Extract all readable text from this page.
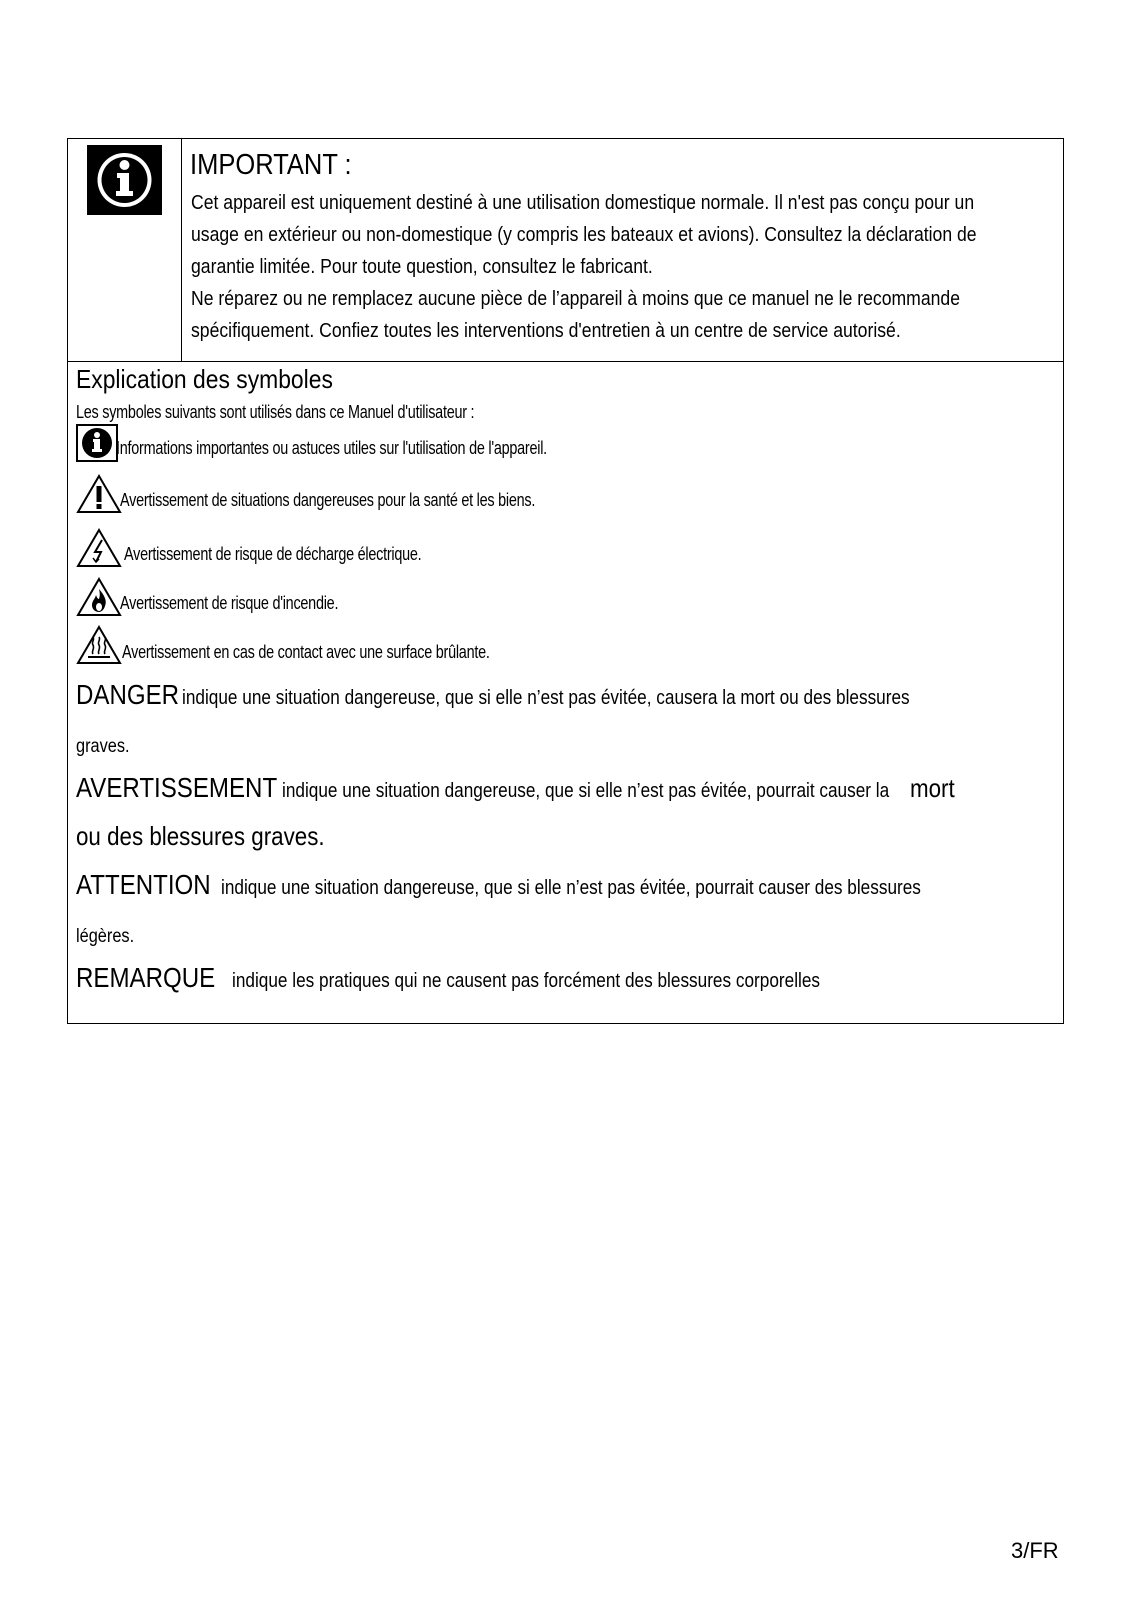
IMPORTANT :
Cet appareil est uniquement destiné à une utilisation domestique normale. Il n'est pas conçu pour un
usage en extérieur ou non-domestique (y compris les bateaux et avions). Consultez la déclaration de
garantie limitée. Pour toute question, consultez le fabricant.
Ne réparez ou ne remplacez aucune pièce de l’appareil à moins que ce manuel ne le recommande
spécifiquement. Confiez toutes les interventions d'entretien à un centre de service autorisé.
Explication des symboles
Les symboles suivants sont utilisés dans ce Manuel d'utilisateur :
Informations importantes ou astuces utiles sur l'utilisation de l'appareil.
Avertissement de situations dangereuses pour la santé et les biens.
Avertissement de risque de décharge électrique.
Avertissement de risque d'incendie.
Avertissement en cas de contact avec une surface brûlante.
DANGER indique une situation dangereuse, que si elle n’est pas évitée, causera la mort ou des blessures
graves.
AVERTISSEMENT indique une situation dangereuse, que si elle n’est pas évitée, pourrait causer la mort
ou des blessures graves.
ATTENTION indique une situation dangereuse, que si elle n’est pas évitée, pourrait causer des blessures
légères.
REMARQUE indique les pratiques qui ne causent pas forcément des blessures corporelles
3/FR
